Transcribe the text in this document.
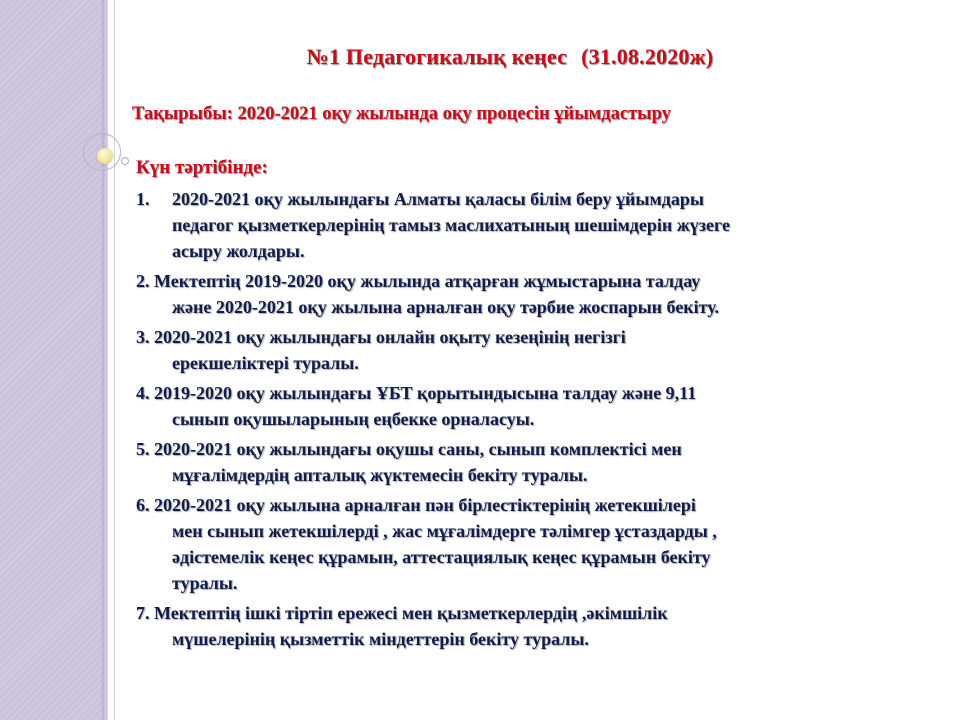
№1 Педагогикалық кеңес (31.08.2020ж)
Тақырыбы: 2020-2021 оқу жылында оқу процесін ұйымдастыру
Күн тәртібінде:
1. 2020-2021 оқу жылындағы Алматы қаласы білім беру ұйымдары
педагог қызметкерлерінің тамыз маслихатының шешімдерін жүзеге
асыру жолдары.
2. Мектептің 2019-2020 оқу жылында атқарған жұмыстарына талдау
және 2020-2021 оқу жылына арналған оқу тәрбие жоспарын бекіту.
3. 2020-2021 оқу жылындағы онлайн оқыту кезеңінің негізгі
ерекшеліктері туралы.
4. 2019-2020 оқу жылындағы ҰБТ қорытындысына талдау және 9,11
сынып оқушыларының еңбекке орналасуы.
5. 2020-2021 оқу жылындағы оқушы саны, сынып комплектісі мен
мұғалімдердің апталық жүктемесін бекіту туралы.
6. 2020-2021 оқу жылына арналған пән бірлестіктерінің жетекшілері
мен сынып жетекшілерді , жас мұғалімдерге тәлімгер ұстаздарды ,
әдістемелік кеңес құрамын, аттестациялық кеңес құрамын бекіту
туралы.
7. Мектептің ішкі тіртіп ережесі мен қызметкерлердің ,әкімшілік
мүшелерінің қызметтік міндеттерін бекіту туралы.
